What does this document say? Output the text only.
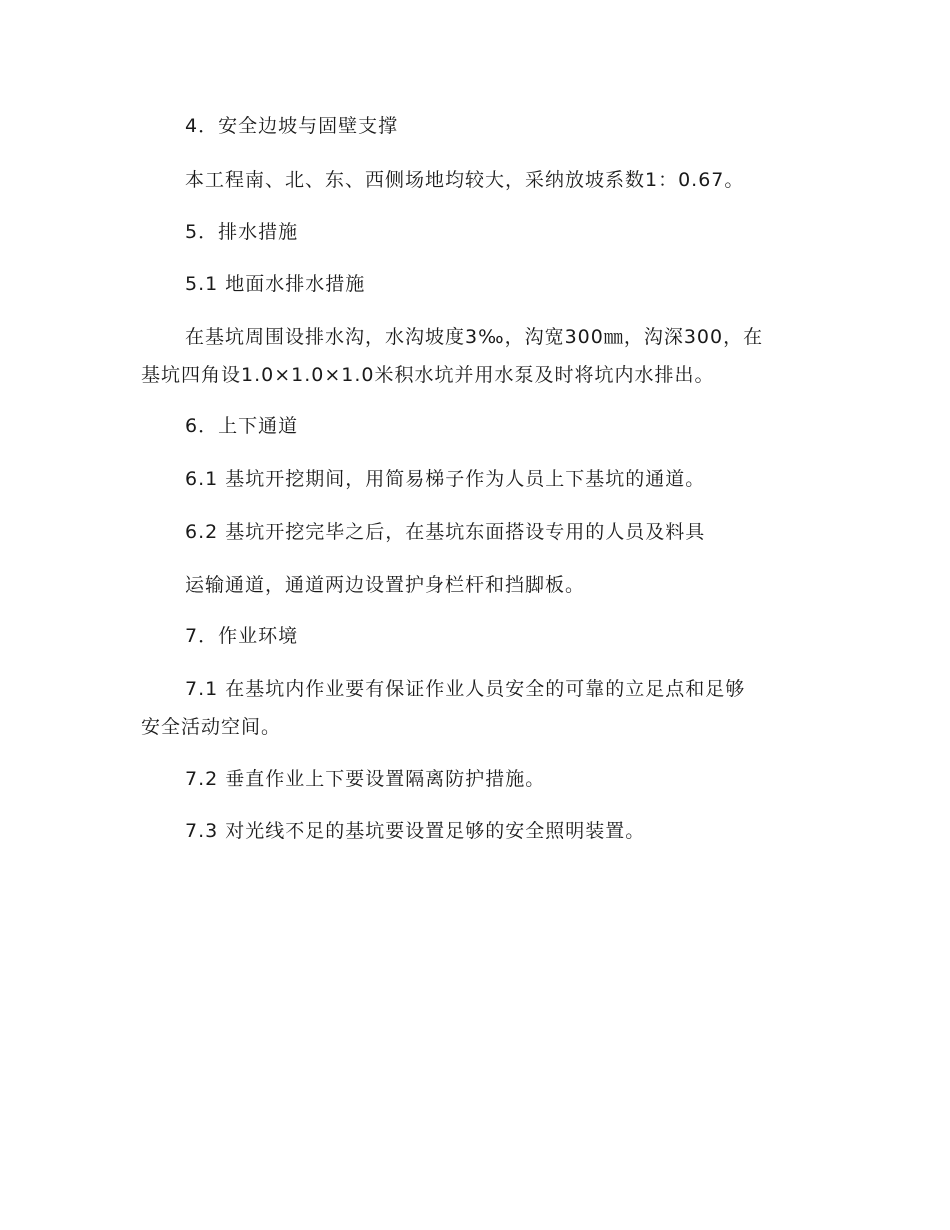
4．安全边坡与固壁支撑
本工程南、北、东、西侧场地均较大，采纳放坡系数1：0.67。
5．排水措施
5.1 地面水排水措施
在基坑周围设排水沟，水沟坡度3‰，沟宽300㎜，沟深300，在
基坑四角设1.0×1.0×1.0米积水坑并用水泵及时将坑内水排出。
6．上下通道
6.1 基坑开挖期间，用简易梯子作为人员上下基坑的通道。
6.2 基坑开挖完毕之后，在基坑东面搭设专用的人员及料具
运输通道，通道两边设置护身栏杆和挡脚板。
7．作业环境
7.1 在基坑内作业要有保证作业人员安全的可靠的立足点和足够
安全活动空间。
7.2 垂直作业上下要设置隔离防护措施。
7.3 对光线不足的基坑要设置足够的安全照明装置。
